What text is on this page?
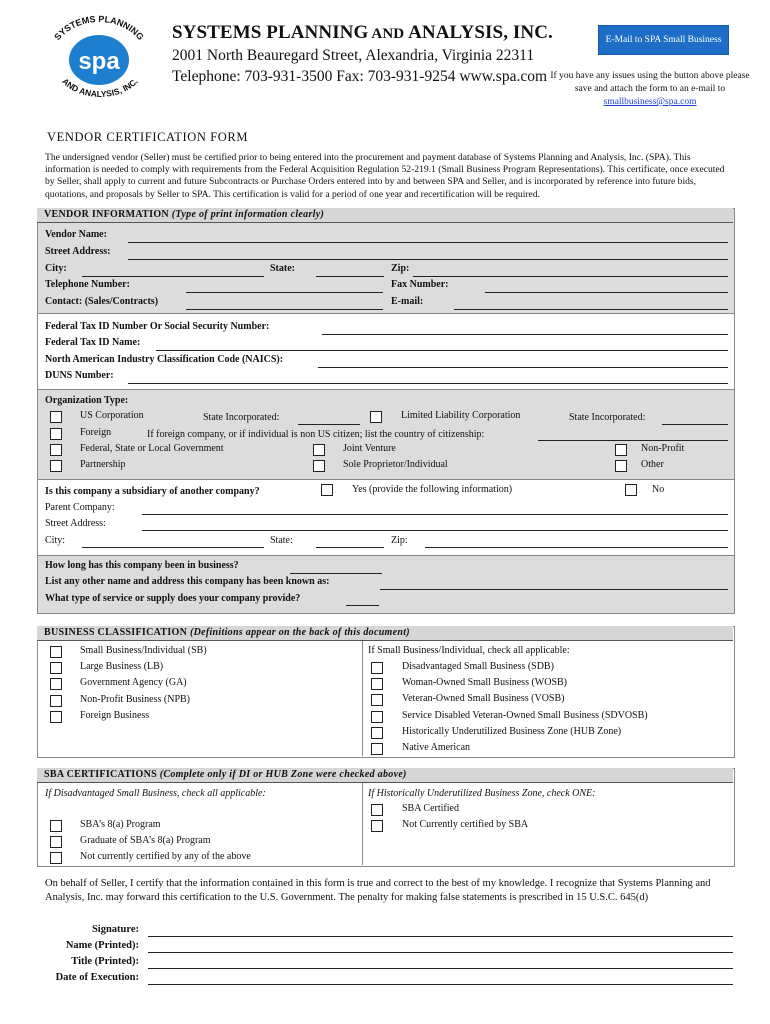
spa
SYSTEMS PLANNING
AND ANALYSIS, INC.
SYSTEMS PLANNING AND ANALYSIS, INC.
2001 North Beauregard Street, Alexandria, Virginia 22311
Telephone: 703-931-3500 Fax: 703-931-9254 www.spa.com
E-Mail to SPA Small Business
If you have any issues using the button above please save and attach the form to an e-mail to
smallbusiness@spa.com
VENDOR CERTIFICATION FORM
The undersigned vendor (Seller) must be certified prior to being entered into the procurement and payment database of Systems Planning and Analysis, Inc. (SPA). This information is needed to comply with requirements from the Federal Acquisition Regulation 52-219.1 (Small Business Program Representations). This certificate, once executed by Seller, shall apply to current and future Subcontracts or Purchase Orders entered into by and between SPA and Seller, and is incorporated by reference into future bids, quotations, and proposals by Seller to SPA. This certification is valid for a period of one year and recertification will be required.
VENDOR INFORMATION (Type of print information clearly)
Vendor Name:
Street Address:
City:	State:	Zip:
Telephone Number:	Fax Number:
Contact: (Sales/Contracts)	E-mail:
Federal Tax ID Number Or Social Security Number:
Federal Tax ID Name:
North American Industry Classification Code (NAICS):
DUNS Number:
Organization Type:
US Corporation	State Incorporated:	Limited Liability Corporation	State Incorporated:
Foreign	If foreign company, or if individual is non US citizen; list the country of citizenship:
Federal, State or Local Government	Joint Venture	Non-Profit
Partnership	Sole Proprietor/Individual	Other
Is this company a subsidiary of another company?	Yes (provide the following information)	No
Parent Company:
Street Address:
City:	State:	Zip:
How long has this company been in business?
List any other name and address this company has been known as:
What type of service or supply does your company provide?
BUSINESS CLASSIFICATION (Definitions appear on the back of this document)
Small Business/Individual (SB)
Large Business (LB)
Government Agency (GA)
Non-Profit Business (NPB)
Foreign Business
If Small Business/Individual, check all applicable:
Disadvantaged Small Business (SDB)
Woman-Owned Small Business (WOSB)
Veteran-Owned Small Business (VOSB)
Service Disabled Veteran-Owned Small Business (SDVOSB)
Historically Underutilized Business Zone (HUB Zone)
Native American
SBA CERTIFICATIONS (Complete only if DI or HUB Zone were checked above)
If Disadvantaged Small Business, check all applicable:	If Historically Underutilized Business Zone, check ONE:
SBA’s 8(a) Program
Graduate of SBA’s 8(a) Program
Not currently certified by any of the above
SBA Certified
Not Currently certified by SBA
On behalf of Seller, I certify that the information contained in this form is true and correct to the best of my knowledge. I recognize that Systems Planning and Analysis, Inc. may forward this certification to the U.S. Government. The penalty for making false statements is prescribed in 15 U.S.C. 645(d)
Signature:
Name (Printed):
Title (Printed):
Date of Execution:
